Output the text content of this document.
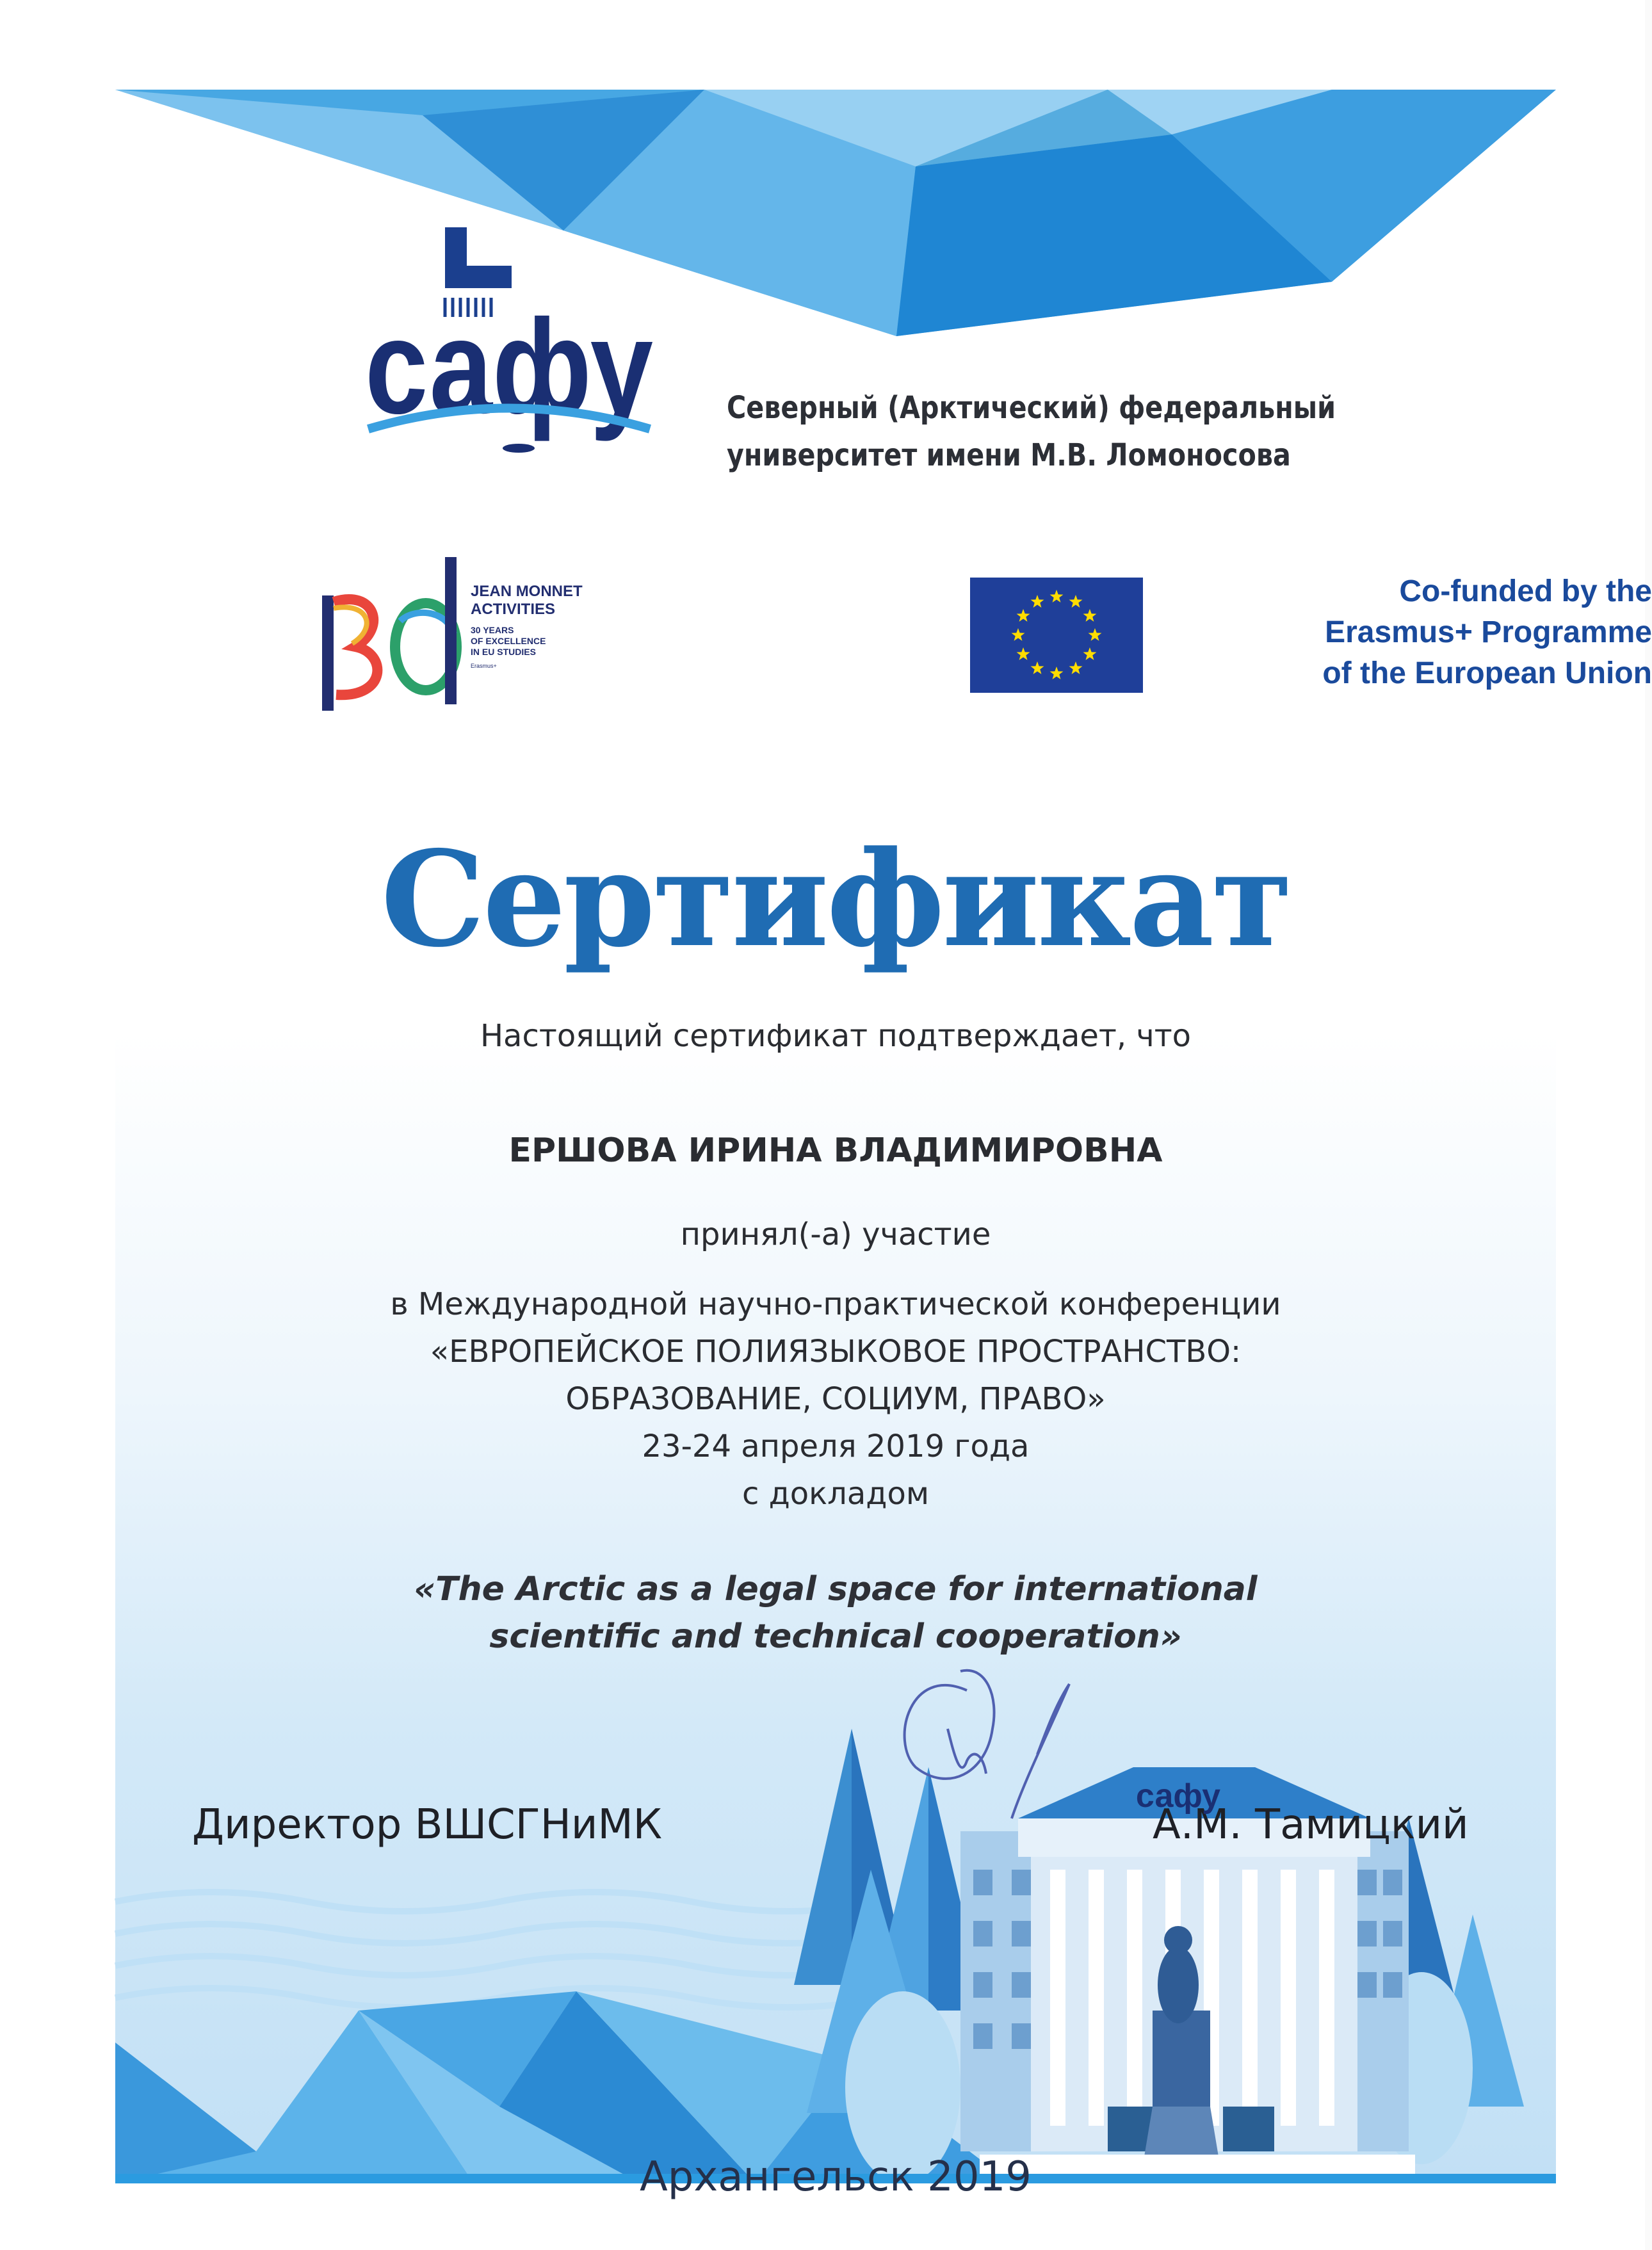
сафу Северный (Арктический) федеральный
университет имени М.В. Ломоносова
JEAN MONNET
ACTIVITIES
30 YEARS
OF EXCELLENCE
IN EU STUDIES
Erasmus+
Co-funded by the
Erasmus+ Programme
of the European Union
Сертификат
Настоящий сертификат подтверждает, что
ЕРШОВА ИРИНА ВЛАДИМИРОВНА
принял(-а) участие
в Международной научно-практической конференции
«ЕВРОПЕЙСКОЕ ПОЛИЯЗЫКОВОЕ ПРОСТРАНСТВО:
ОБРАЗОВАНИЕ, СОЦИУМ, ПРАВО»
23-24 апреля 2019 года
с докладом
«The Arctic as a legal space for international
scientific and technical cooperation»
Директор ВШСГНиМК	А.М. Тамицкий
сафу
Архангельск 2019
